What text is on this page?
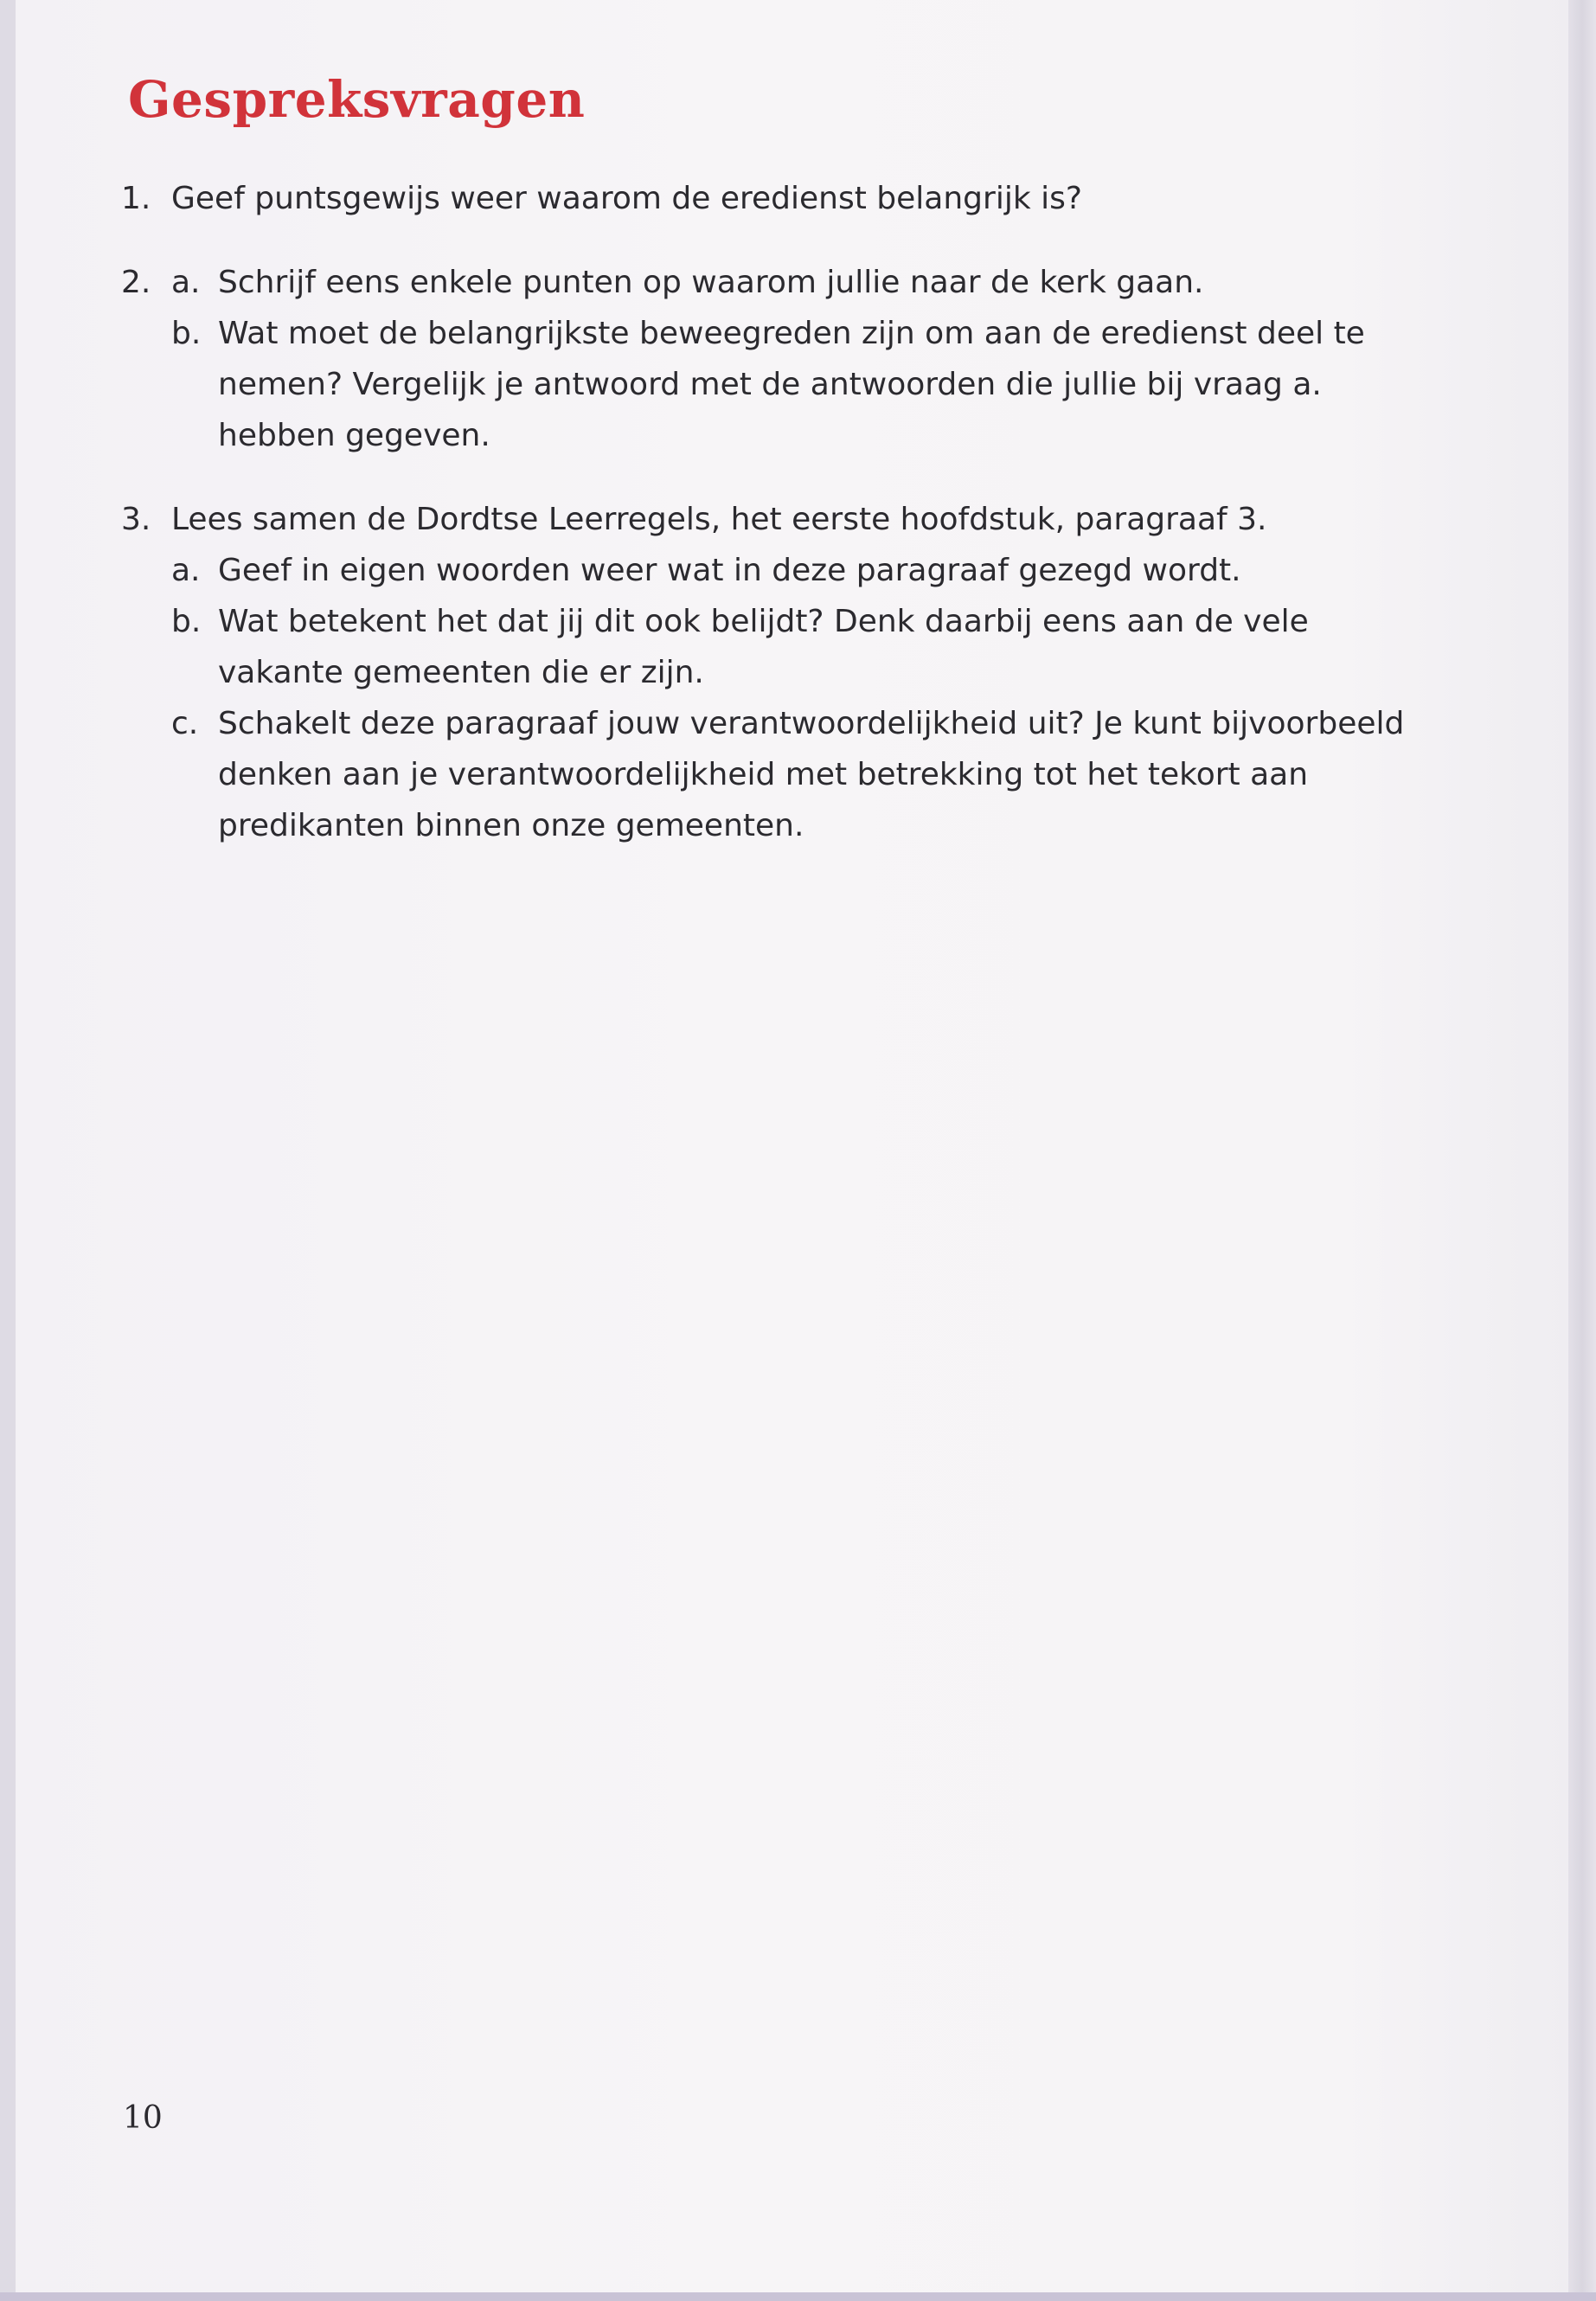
Gespreksvragen
1. Geef puntsgewijs weer waarom de eredienst belangrijk is?
2. a. Schrijf eens enkele punten op waarom jullie naar de kerk gaan.
b. Wat moet de belangrijkste beweegreden zijn om aan de eredienst deel te nemen? Vergelijk je antwoord met de antwoorden die jullie bij vraag a. hebben gegeven.
3. Lees samen de Dordtse Leerregels, het eerste hoofdstuk, paragraaf 3.
a. Geef in eigen woorden weer wat in deze paragraaf gezegd wordt.
b. Wat betekent het dat jij dit ook belijdt? Denk daarbij eens aan de vele vakante gemeenten die er zijn.
c. Schakelt deze paragraaf jouw verantwoordelijkheid uit? Je kunt bijvoorbeeld denken aan je verantwoordelijkheid met betrekking tot het tekort aan predikanten binnen onze gemeenten.
10
